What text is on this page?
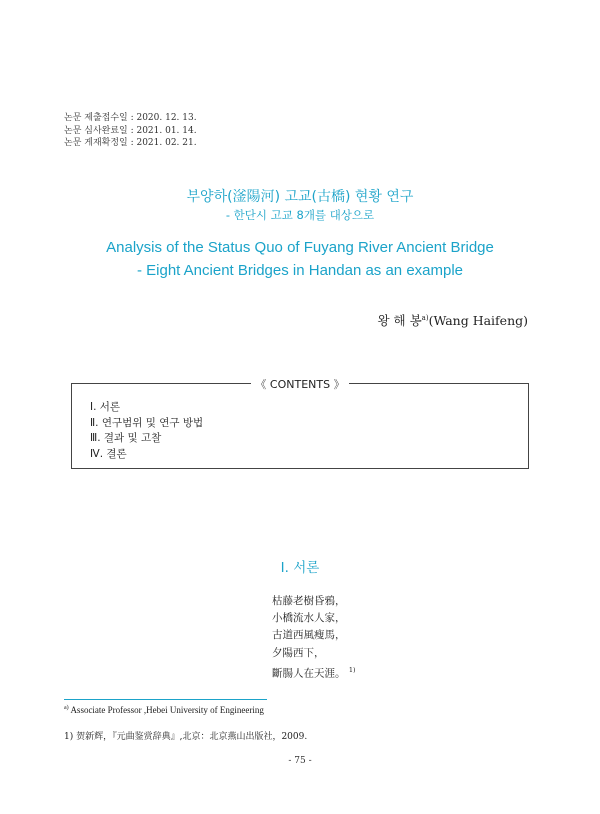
논문 제출접수일 : 2020. 12. 13.
논문 심사완료일 : 2021. 01. 14.
논문 게재확정일 : 2021. 02. 21.
부양하(滏陽河) 고교(古橋) 현황 연구
- 한단시 고교 8개를 대상으로
Analysis of the Status Quo of Fuyang River Ancient Bridge
- Eight Ancient Bridges in Handan as an example
왕 해 봉$^{a)}$(Wang Haifeng)
《 CONTENTS 》
Ⅰ. 서론
Ⅱ. 연구범위 및 연구 방법
Ⅲ. 결과 및 고찰
Ⅳ. 결론
Ⅰ. 서론
枯藤老樹昏鴉，
小橋流水人家，
古道西風瘦馬，
夕陽西下，
斷腸人在天涯。 $^{1)}$
$^{a)}$ Associate Professor ,Hebei University of Engineering
1) 贺新辉，『元曲鉴赏辞典』,北京：北京燕山出版社，2009.
- 75 -
